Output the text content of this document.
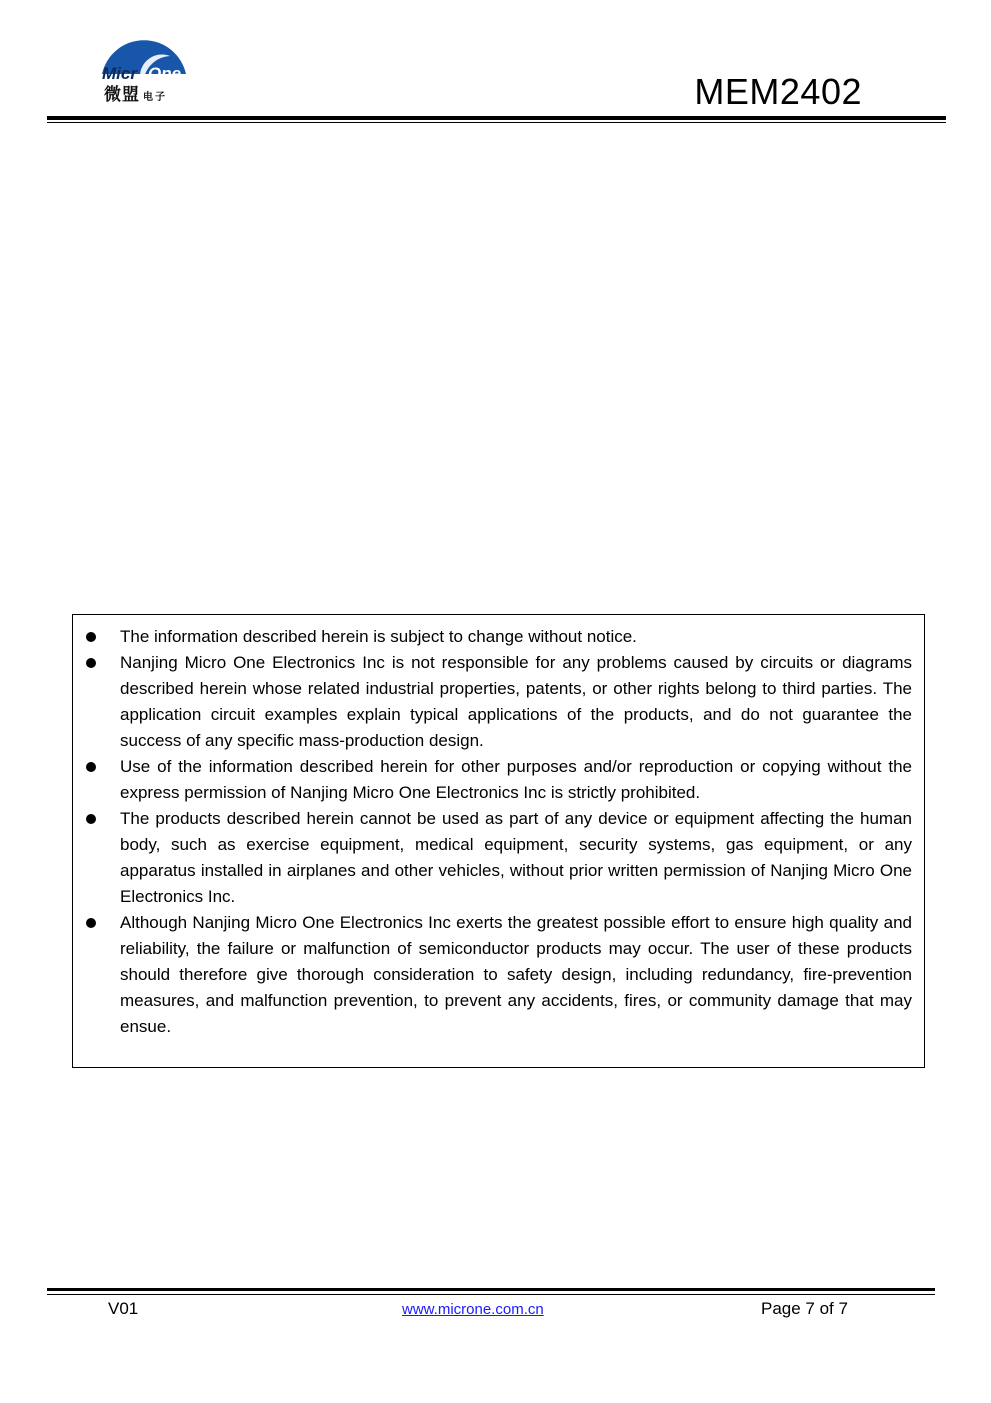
Micr One
微盟 电子	MEM2402
The information described herein is subject to change without notice.
Nanjing Micro One Electronics Inc is not responsible for any problems caused by circuits or diagrams described herein whose related industrial properties, patents, or other rights belong to third parties. The application circuit examples explain typical applications of the products, and do not guarantee the success of any specific mass-production design.
Use of the information described herein for other purposes and/or reproduction or copying without the express permission of Nanjing Micro One Electronics Inc is strictly prohibited.
The products described herein cannot be used as part of any device or equipment affecting the human body, such as exercise equipment, medical equipment, security systems, gas equipment, or any apparatus installed in airplanes and other vehicles, without prior written permission of Nanjing Micro One Electronics Inc.
Although Nanjing Micro One Electronics Inc exerts the greatest possible effort to ensure high quality and reliability, the failure or malfunction of semiconductor products may occur. The user of these products should therefore give thorough consideration to safety design, including redundancy, fire-prevention measures, and malfunction prevention, to prevent any accidents, fires, or community damage that may ensue.
V01	www.microne.com.cn	Page 7 of 7
